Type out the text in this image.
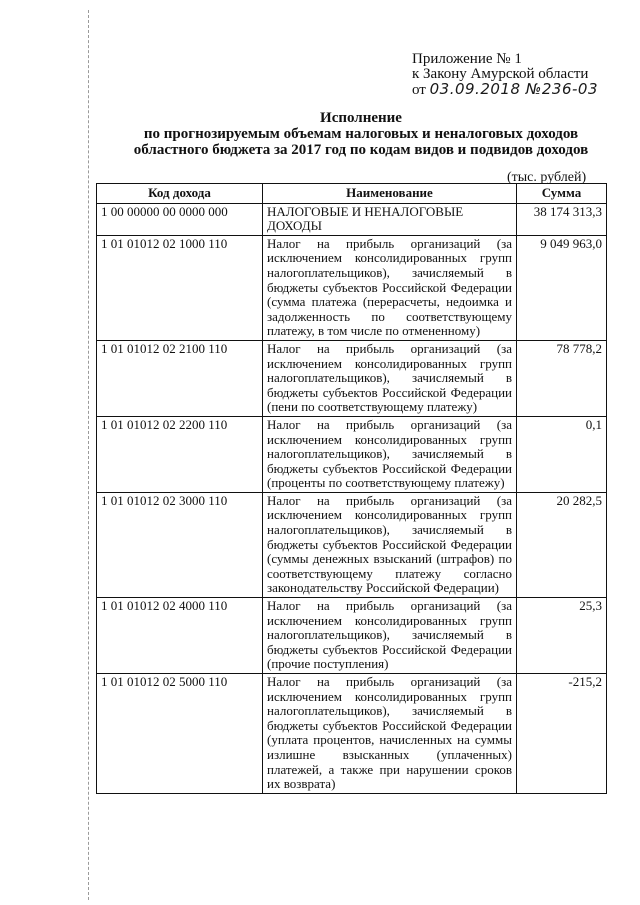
Приложение № 1
к Закону Амурской области
от 03.09.2018 №236-03
Исполнение
по прогнозируемым объемам налоговых и неналоговых доходов
областного бюджета за 2017 год по кодам видов и подвидов доходов
(тыс. рублей)
Код дохода	Наименование	Сумма
1 00 00000 00 0000 000	НАЛОГОВЫЕ И НЕНАЛОГОВЫЕ ДОХОДЫ	38 174 313,3
1 01 01012 02 1000 110	Налог на прибыль организаций (за исключением консолидированных групп налогоплательщиков), зачисляемый в бюджеты субъектов Российской Федерации (сумма платежа (перерасчеты, недоимка и задолженность по соответствующему платежу, в том числе по отмененному)	9 049 963,0
1 01 01012 02 2100 110	Налог на прибыль организаций (за исключением консолидированных групп налогоплательщиков), зачисляемый в бюджеты субъектов Российской Федерации (пени по соответствующему платежу)	78 778,2
1 01 01012 02 2200 110	Налог на прибыль организаций (за исключением консолидированных групп налогоплательщиков), зачисляемый в бюджеты субъектов Российской Федерации (проценты по соответствующему платежу)	0,1
1 01 01012 02 3000 110	Налог на прибыль организаций (за исключением консолидированных групп налогоплательщиков), зачисляемый в бюджеты субъектов Российской Федерации (суммы денежных взысканий (штрафов) по соответствующему платежу согласно законодательству Российской Федерации)	20 282,5
1 01 01012 02 4000 110	Налог на прибыль организаций (за исключением консолидированных групп налогоплательщиков), зачисляемый в бюджеты субъектов Российской Федерации (прочие поступления)	25,3
1 01 01012 02 5000 110	Налог на прибыль организаций (за исключением консолидированных групп налогоплательщиков), зачисляемый в бюджеты субъектов Российской Федерации (уплата процентов, начисленных на суммы излишне взысканных (уплаченных) платежей, а также при нарушении сроков их возврата)	-215,2
